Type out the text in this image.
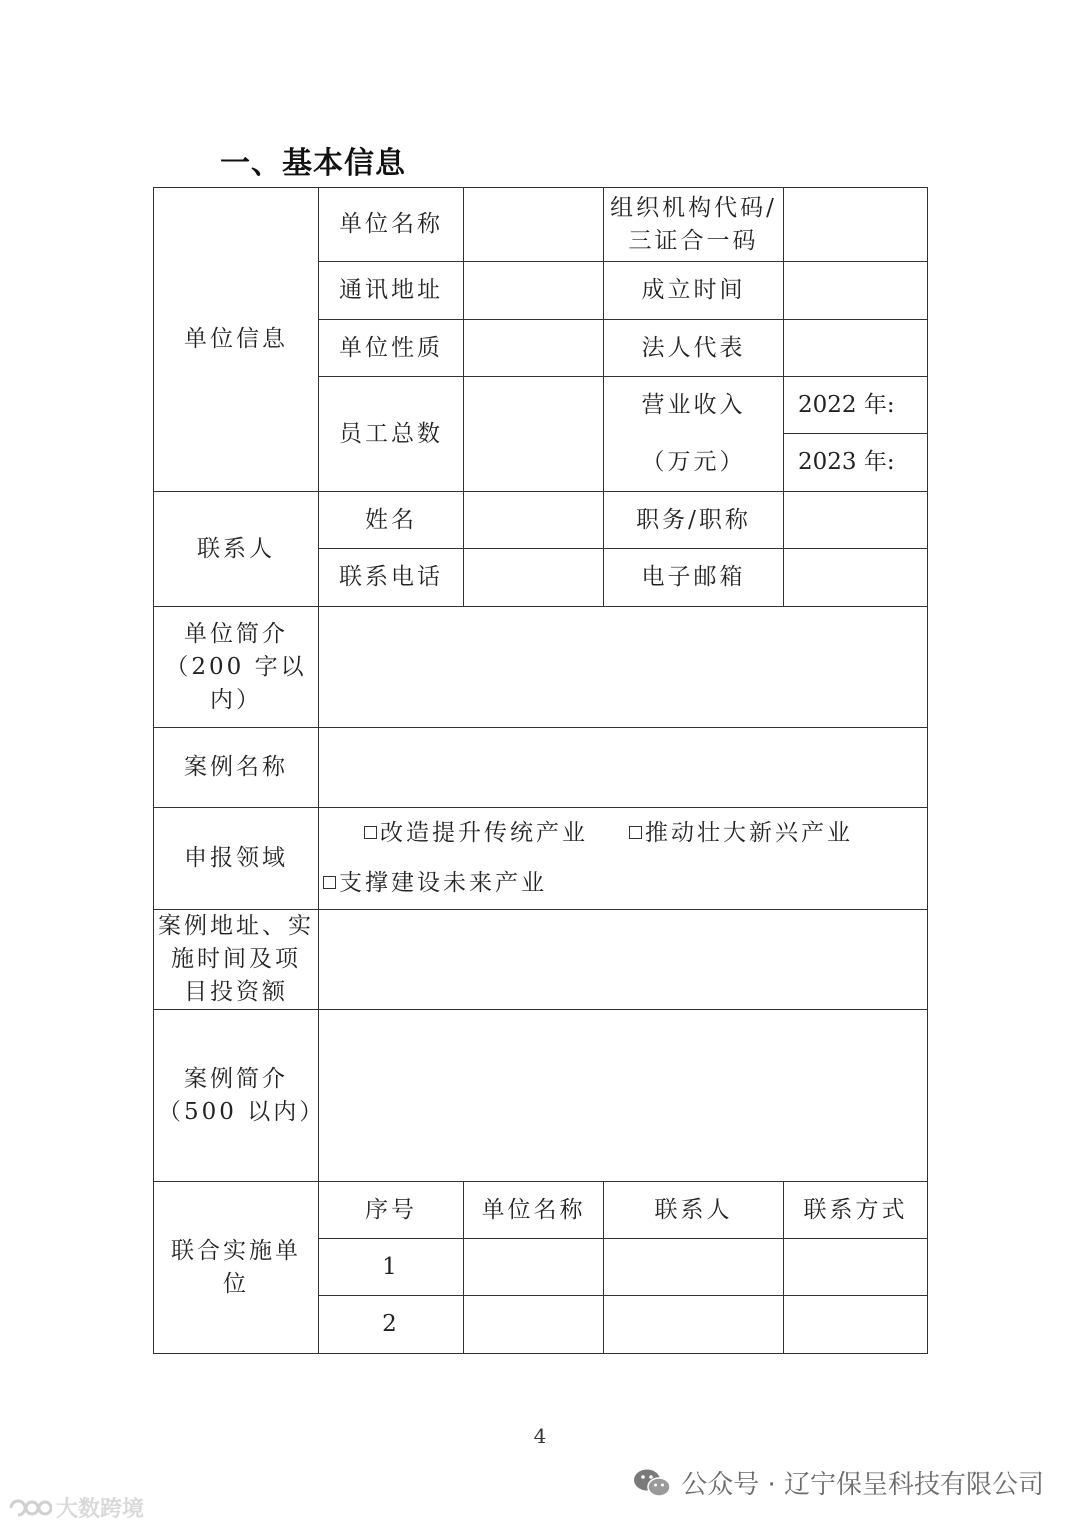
一、基本信息
单位信息	单位名称		组织机构代码/
三证合一码	

	通讯地址		成立时间	
	单位性质		法人代表	
	员工总数		营业收入
（万元）	2022 年:
				2023 年:
联系人	姓名		职务/职称	
	联系电话		电子邮箱	

单位简介
（200 字以
内）				

案例名称				
申报领域	改造提升传统产业 推动壮大新兴产业
支撑建设未来产业			

案例地址、实
施时间及项
目投资额				

案例简介
（500 以内）				

联合实施单
位	序号	单位名称	联系人	联系方式
	1			
	2			
4
公众号 · 辽宁保呈科技有限公司
大数跨境
